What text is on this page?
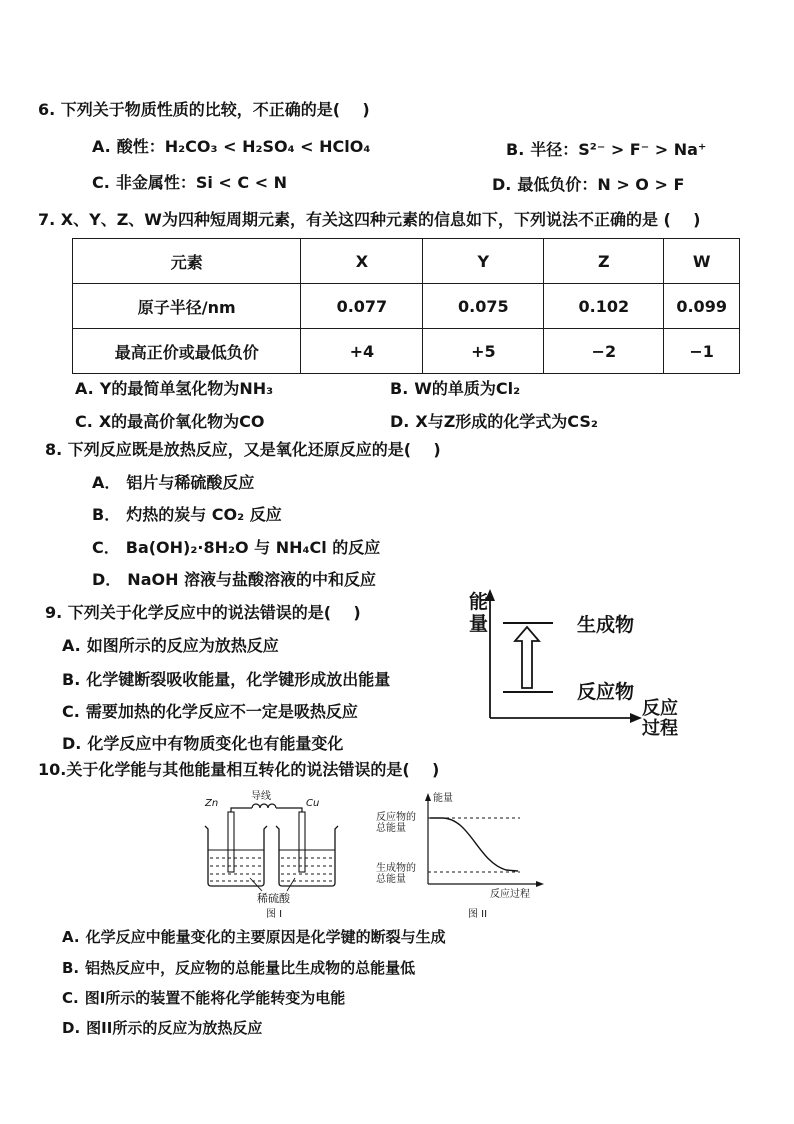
6. 下列关于物质性质的比较，不正确的是(    )
A. 酸性：H₂CO₃ < H₂SO₄ < HClO₄	B. 半径：S²⁻ > F⁻ > Na⁺
C. 非金属性：Si < C < N	D. 最低负价：N > O > F
7. X、Y、Z、W为四种短周期元素，有关这四种元素的信息如下，下列说法不正确的是 (    )
元素	X	Y	Z	W
原子半径/nm	0.077	0.075	0.102	0.099
最高正价或最低负价	+4	+5	−2	−1
A. Y的最简单氢化物为NH₃	B. W的单质为Cl₂
C. X的最高价氧化物为CO	D. X与Z形成的化学式为CS₂
8. 下列反应既是放热反应，又是氧化还原反应的是(    )
A． 铝片与稀硫酸反应
B． 灼热的炭与 CO₂ 反应
C． Ba(OH)₂·8H₂O 与 NH₄Cl 的反应
D． NaOH 溶液与盐酸溶液的中和反应
9. 下列关于化学反应中的说法错误的是(    )
A. 如图所示的反应为放热反应
B. 化学键断裂吸收能量，化学键形成放出能量
C. 需要加热的化学反应不一定是吸热反应
D. 化学反应中有物质变化也有能量变化
10.关于化学能与其他能量相互转化的说法错误的是(    )
A. 化学反应中能量变化的主要原因是化学键的断裂与生成
B. 铝热反应中，反应物的总能量比生成物的总能量低
C. 图I所示的装置不能将化学能转变为电能
D. 图II所示的反应为放热反应
能
量	生成物
反应物
反应
过程
Zn
导线
Cu
稀硫酸
图 I
能量
反应物的
总能量
生成物的
总能量
反应过程
图 II
